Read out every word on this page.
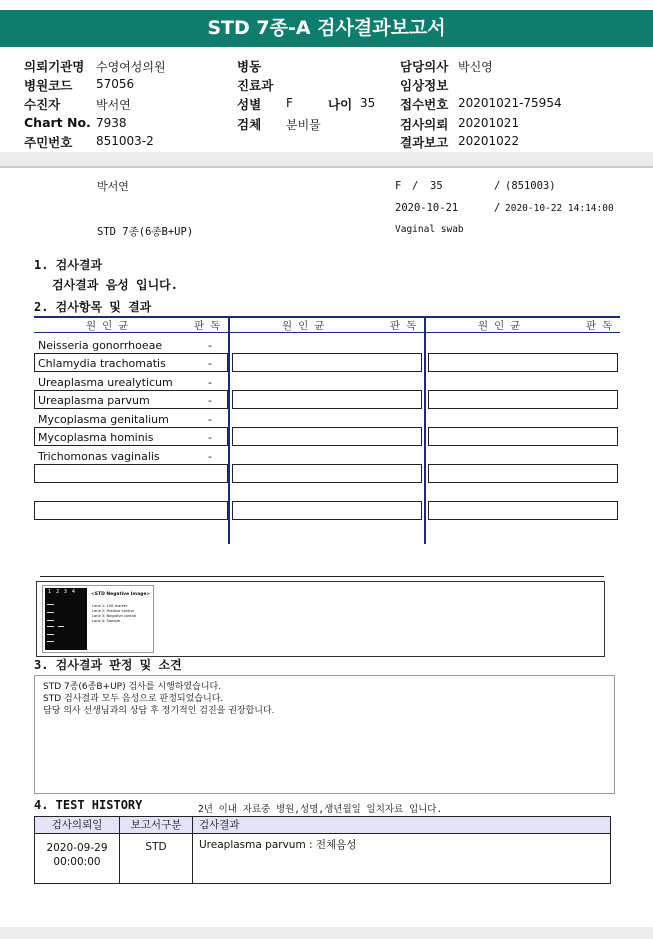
STD 7종-A 검사결과보고서
의뢰기관명 수영여성의원
병원코드 57056
수진자	박서연
Chart No. 7938
주민번호 851003-2
병동
진료과
성별 F	나이 35
검체 분비물
담당의사 박신영
임상정보
접수번호 20201021-75954
검사의뢰 20201021
결과보고 20201022
박서연	F / 35	/ (851003)
2020-10-21	/ 2020-10-22 14:14:00
STD 7종(6종B+UP)	Vaginal swab
1. 검사결과
검사결과 음성 입니다.
2. 검사항목 및 결과
원인균	판독	원인균	판독	원인균	판독
Neisseria gonorrhoeae	-
Chlamydia trachomatis	-
Ureaplasma urealyticum	-
Ureaplasma parvum	-
Mycoplasma genitalium	-
Mycoplasma hominis	-
Trichomonas vaginalis	-
1   2   3   4	<STD Negative Image>
Lane 1: 100-marker
Lane 2: Positive control
Lane 3: Negative control
Lane 4: Sample
3. 검사결과 판정 및 소견
STD 7종(6종B+UP) 검사를 시행하였습니다.
STD 검사결과 모두 음성으로 판정되었습니다.
담당 의사 선생님과의 상담 후 정기적인 검진을 권장합니다.
4. TEST HISTORY	2년 이내 자료중 병원,성명,생년월일 일치자료 입니다.
검사의뢰일	보고서구분	검사결과

2020-09-29
00:00:00	STD	Ureaplasma parvum : 전체음성
